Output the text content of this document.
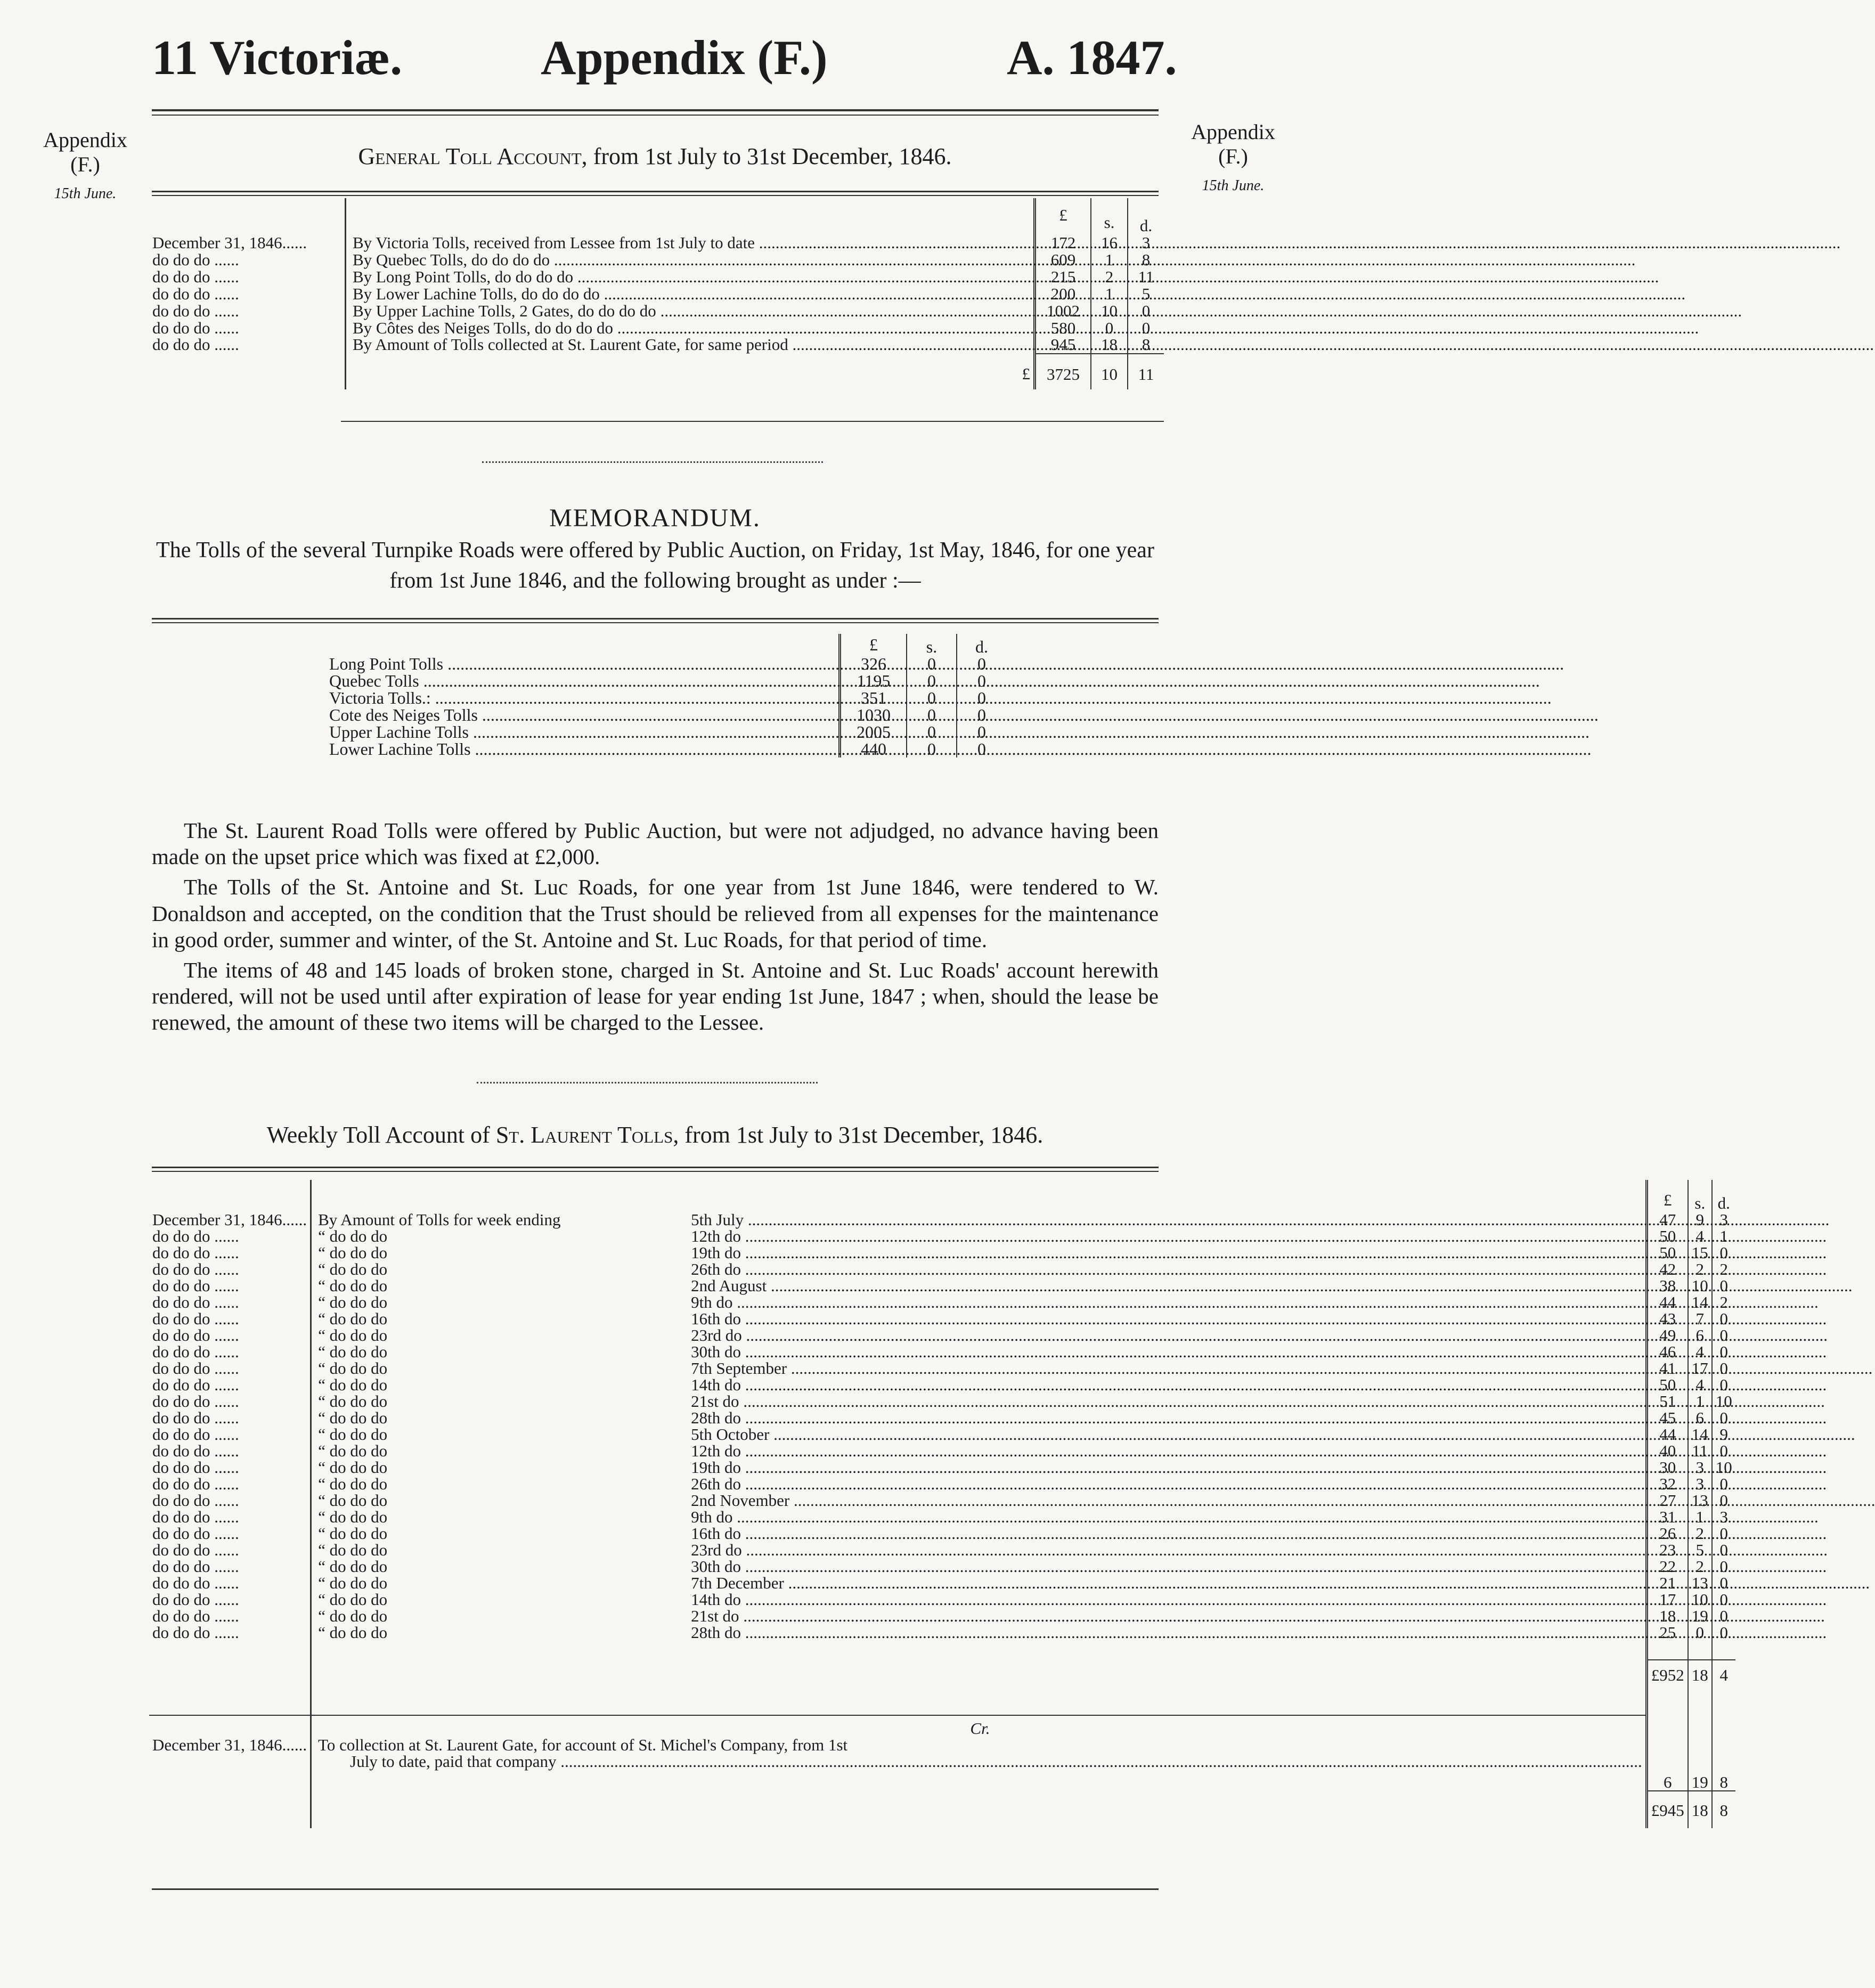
11 Victoriæ.	Appendix (F.)	A. 1847.
Appendix
(F.)
15th June.
Appendix
(F.)
15th June.
General Toll Account, from 1st July to 31st December, 1846.
		£	s.	d.
December 31, 1846......	By Victoria Tolls, received from Lessee from 1st July to date .....	172	16	3
do do do ......	By Quebec Tolls, do do do do .....	609	1	8
do do do ......	By Long Point Tolls, do do do do .....	215	2	11
do do do ......	By Lower Lachine Tolls, do do do do .....	200	1	5
do do do ......	By Upper Lachine Tolls, 2 Gates, do do do do .....	1002	10	0
do do do ......	By Côtes des Neiges Tolls, do do do do .....	580	0	0
do do do ......	By Amount of Tolls collected at St. Laurent Gate, for same period .....	945	18	8
	£	3725	10	11
MEMORANDUM.
The Tolls of the several Turnpike Roads were offered by Public Auction, on Friday, 1st May, 1846, for one year from 1st June 1846, and the following brought as under :—
	£	s.	d.
Long Point Tolls .....	326	0	0
Quebec Tolls .....	1195	0	0
Victoria Tolls.: .....	351	0	0
Cote des Neiges Tolls .....	1030	0	0
Upper Lachine Tolls .....	2005	0	0
Lower Lachine Tolls .....	440	0	0

The St. Laurent Road Tolls were offered by Public Auction, but were not adjudged, no advance having been made on the upset price which was fixed at £2,000.

The Tolls of the St. Antoine and St. Luc Roads, for one year from 1st June 1846, were tendered to W. Donaldson and accepted, on the condition that the Trust should be relieved from all expenses for the maintenance in good order, summer and winter, of the St. Antoine and St. Luc Roads, for that period of time.

The items of 48 and 145 loads of broken stone, charged in St. Antoine and St. Luc Roads' account herewith rendered, will not be used until after expiration of lease for year ending 1st June, 1847 ; when, should the lease be renewed, the amount of these two items will be charged to the Lessee.

Weekly Toll Account of St. Laurent Tolls, from 1st July to 31st December, 1846.
		£	s.	d.
December 31, 1846......	By Amount of Tolls for week ending 5th July .....	47	9	3
do do do ......	“ do do do 12th do .....	50	4	1
do do do ......	“ do do do 19th do .....	50	15	0
do do do ......	“ do do do 26th do .....	42	2	2
do do do ......	“ do do do 2nd August .....	38	10	0
do do do ......	“ do do do 9th do .....	44	14	2
do do do ......	“ do do do 16th do .....	43	7	0
do do do ......	“ do do do 23rd do .....	49	6	0
do do do ......	“ do do do 30th do .....	46	4	0
do do do ......	“ do do do 7th September .....	41	17	0
do do do ......	“ do do do 14th do .....	50	4	0
do do do ......	“ do do do 21st do .....	51	1	10
do do do ......	“ do do do 28th do .....	45	6	0
do do do ......	“ do do do 5th October .....	44	14	9
do do do ......	“ do do do 12th do .....	40	11	0
do do do ......	“ do do do 19th do .....	30	3	10
do do do ......	“ do do do 26th do .....	32	3	0
do do do ......	“ do do do 2nd November .....	27	13	0
do do do ......	“ do do do 9th do .....	31	1	3
do do do ......	“ do do do 16th do .....	26	2	0
do do do ......	“ do do do 23rd do .....	23	5	0
do do do ......	“ do do do 30th do .....	22	2	0
do do do ......	“ do do do 7th December .....	21	13	0
do do do ......	“ do do do 14th do .....	17	10	0
do do do ......	“ do do do 21st do .....	18	19	0
do do do ......	“ do do do 28th do .....	25	0	0

		£952	18	4
	Cr.			
December 31, 1846......	To collection at St. Laurent Gate, for account of St. Michel's Company, from 1st
July to date, paid that company .....	6	19	8
		£945	18	8
